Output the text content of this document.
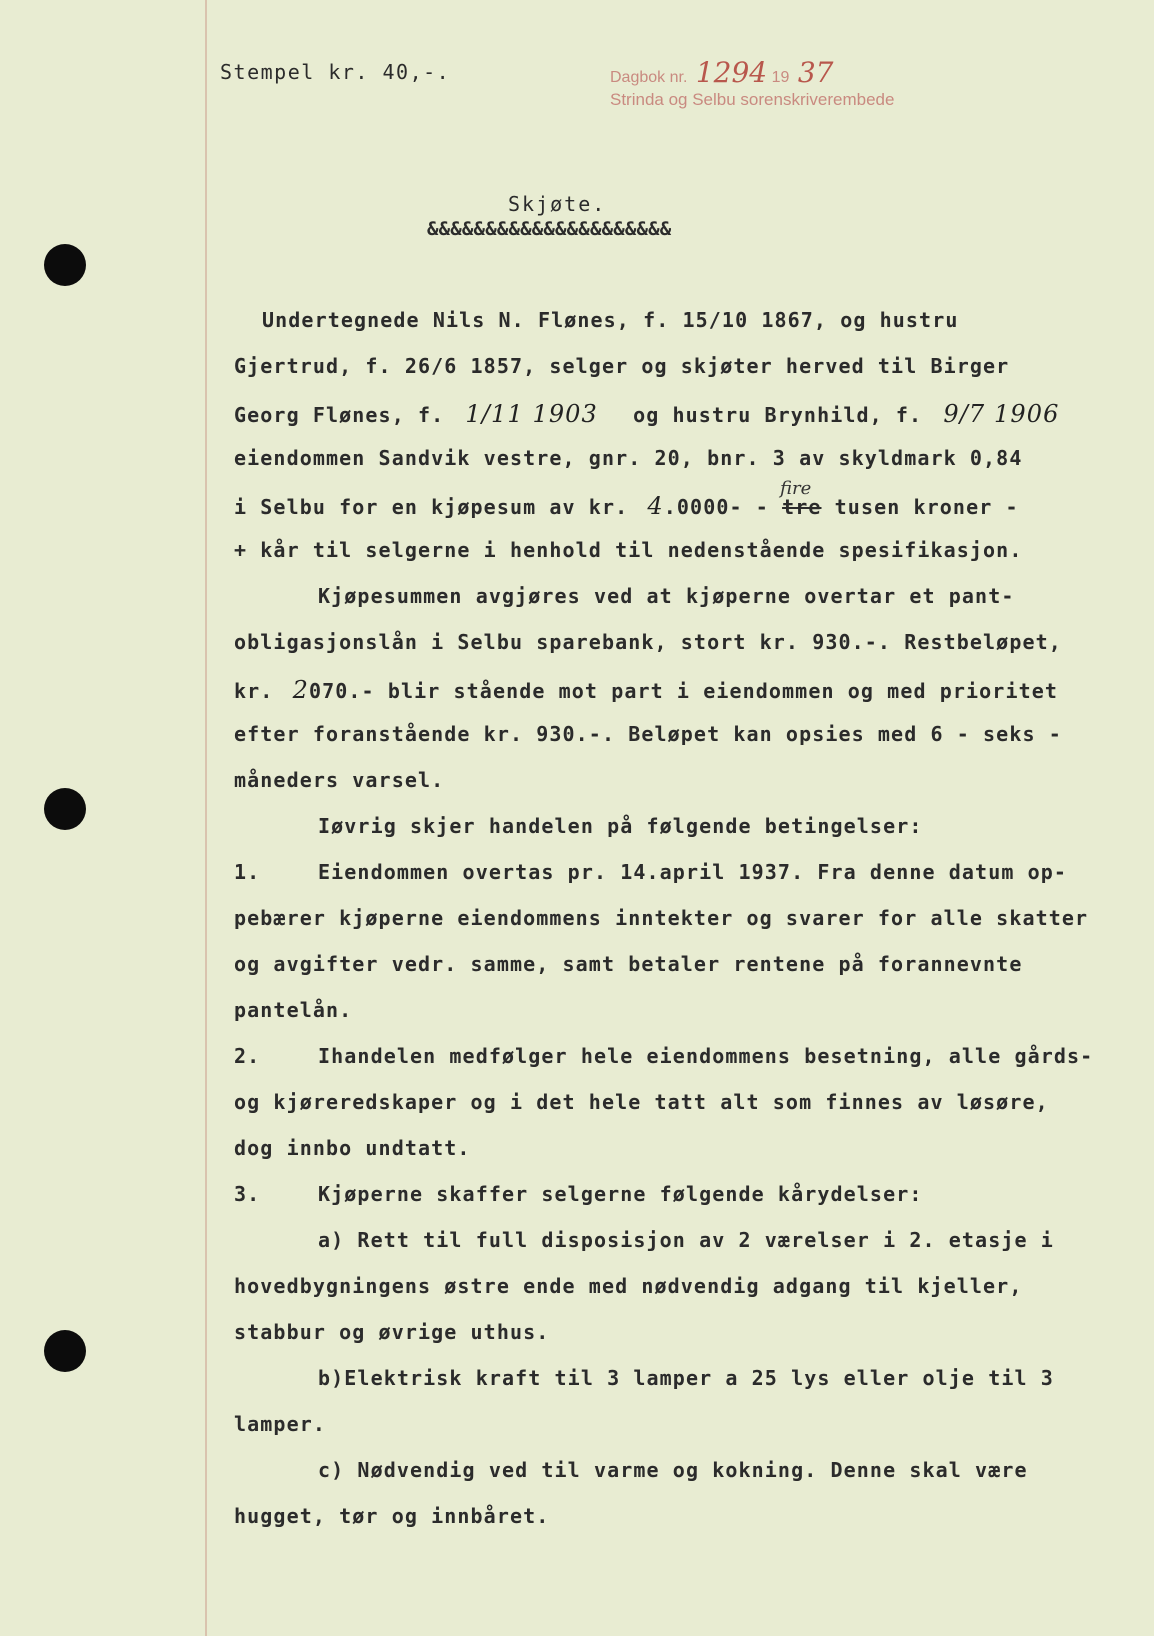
Stempel kr. 40,-.	Dagbok nr. 1294 19 37
Strinda og Selbu sorenskriverembede
Skjøte.
&&&&&&&&&&&&&&&&&&&&&
Undertegnede Nils N. Flønes, f. 15/10 1867, og hustru
Gjertrud, f. 26/6 1857, selger og skjøter herved til Birger
Georg Flønes, f. 1/11 1903 og hustru Brynhild, f. 9/7 1906
eiendommen Sandvik vestre, gnr. 20, bnr. 3 av skyldmark 0,84
fire
i Selbu for en kjøpesum av kr. 4.0000- - tre tusen kroner -
+ kår til selgerne i henhold til nedenstående spesifikasjon.
Kjøpesummen avgjøres ved at kjøperne overtar et pant-
obligasjonslån i Selbu sparebank, stort kr. 930.-. Restbeløpet,
kr. 2070.- blir stående mot part i eiendommen og med prioritet
efter foranstående kr. 930.-. Beløpet kan opsies med 6 - seks -
måneders varsel.
Iøvrig skjer handelen på følgende betingelser:
1.	Eiendommen overtas pr. 14.april 1937. Fra denne datum op-
pebærer kjøperne eiendommens inntekter og svarer for alle skatter
og avgifter vedr. samme, samt betaler rentene på forannevnte
pantelån.
2.	Ihandelen medfølger hele eiendommens besetning, alle gårds-
og kjøreredskaper og i det hele tatt alt som finnes av løsøre,
dog innbo undtatt.
3.	Kjøperne skaffer selgerne følgende kårydelser:
a) Rett til full disposisjon av 2 værelser i 2. etasje i
hovedbygningens østre ende med nødvendig adgang til kjeller,
stabbur og øvrige uthus.
b)Elektrisk kraft til 3 lamper a 25 lys eller olje til 3
lamper.
c) Nødvendig ved til varme og kokning. Denne skal være
hugget, tør og innbåret.
